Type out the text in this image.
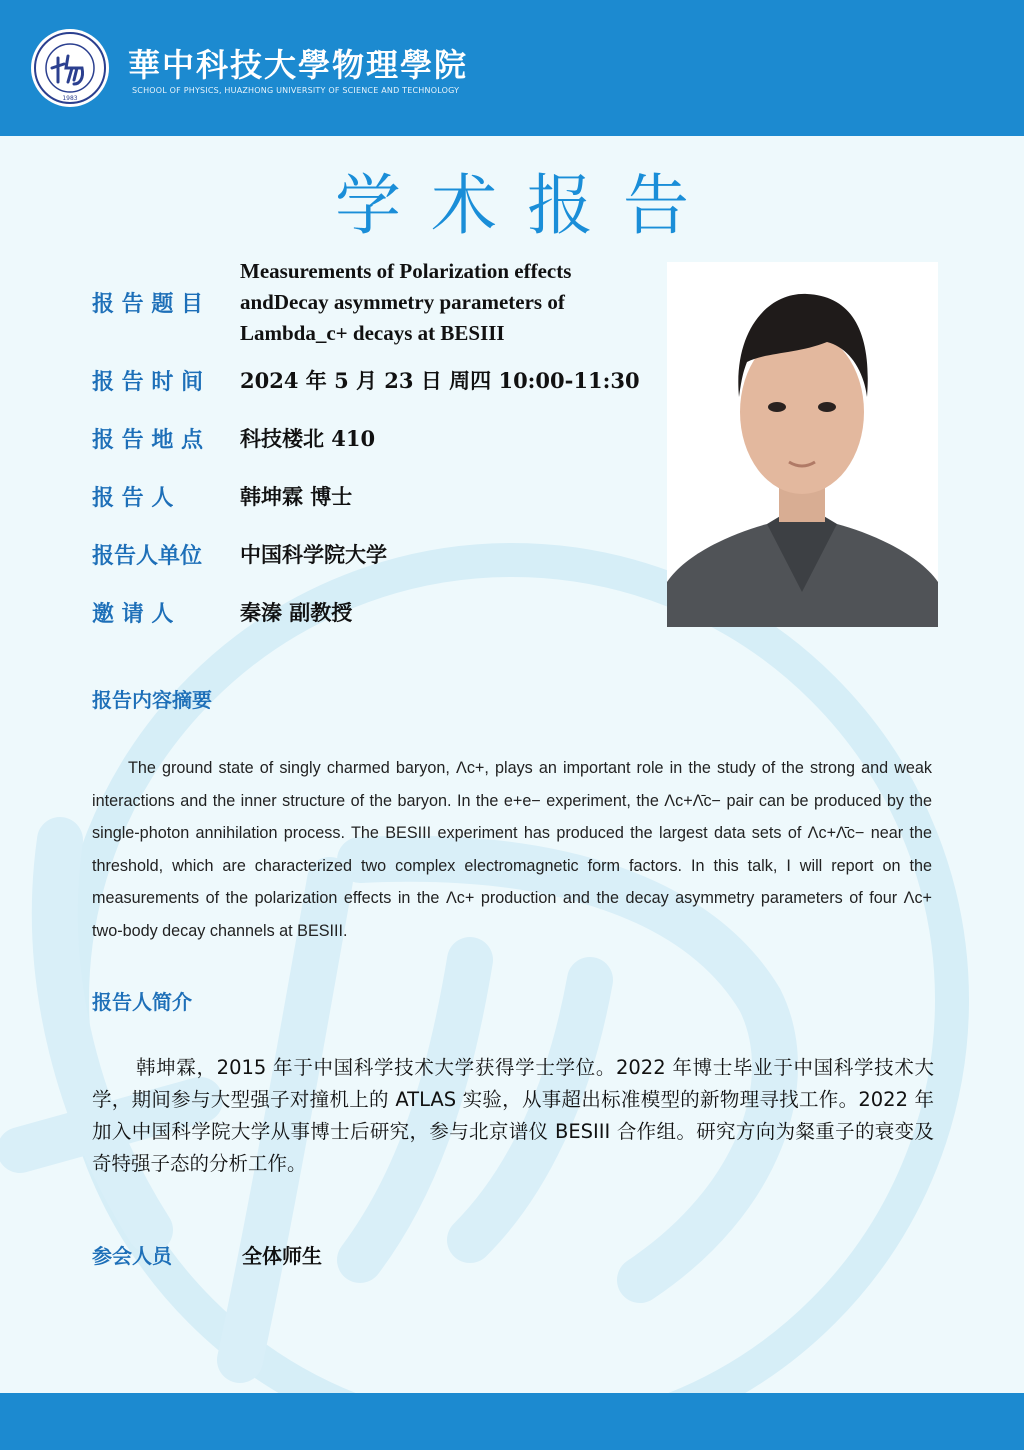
1983
華中科技大學物理學院
SCHOOL OF PHYSICS, HUAZHONG UNIVERSITY OF SCIENCE AND TECHNOLOGY
学术报告
报 告 题 目
Measurements of Polarization effects andDecay asymmetry parameters of Lambda_c+ decays at BESIII
报 告 时 间 2024 年 5 月 23 日 周四 10:00-11:30
报 告 地 点 科技楼北 410
报 告 人	韩坤霖 博士
报告人单位 中国科学院大学
邀 请 人	秦溱 副教授
报告内容摘要
The ground state of singly charmed baryon, Λc+, plays an important role in the study of the strong and weak interactions and the inner structure of the baryon. In the e+e− experiment, the Λc+Λ̄c− pair can be produced by the single-photon annihilation process. The BESIII experiment has produced the largest data sets of Λc+Λ̄c− near the threshold, which are characterized two complex electromagnetic form factors. In this talk, I will report on the measurements of the polarization effects in the Λc+ production and the decay asymmetry parameters of four Λc+ two-body decay channels at BESIII.
报告人简介
韩坤霖，2015 年于中国科学技术大学获得学士学位。2022 年博士毕业于中国科学技术大学，期间参与大型强子对撞机上的 ATLAS 实验，从事超出标准模型的新物理寻找工作。2022 年加入中国科学院大学从事博士后研究，参与北京谱仪 BESIII 合作组。研究方向为粲重子的衰变及奇特强子态的分析工作。
参会人员	全体师生
